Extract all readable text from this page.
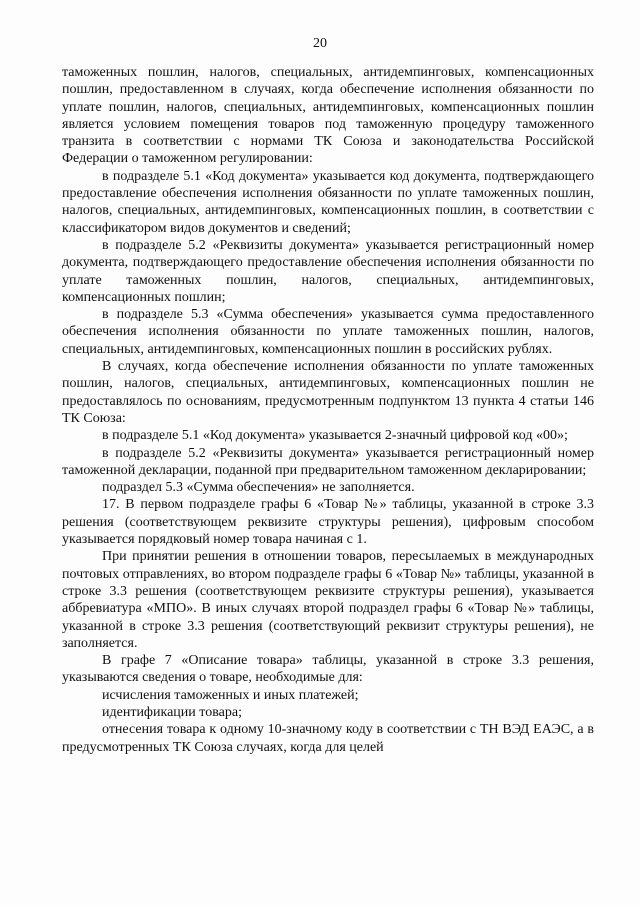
20

таможенных пошлин, налогов, специальных, антидемпинговых, компенсационных пошлин, предоставленном в случаях, когда обеспечение исполнения обязанности по уплате пошлин, налогов, специальных, антидемпинговых, компенсационных пошлин является условием помещения товаров под таможенную процедуру таможенного транзита в соответствии с нормами ТК Союза и законодательства Российской Федерации о таможенном регулировании:

в подразделе 5.1 «Код документа» указывается код документа, подтверждающего предоставление обеспечения исполнения обязанности по уплате таможенных пошлин, налогов, специальных, антидемпинговых, компенсационных пошлин, в соответствии с классификатором видов документов и сведений;

в подразделе 5.2 «Реквизиты документа» указывается регистрационный номер документа, подтверждающего предоставление обеспечения исполнения обязанности по уплате таможенных пошлин, налогов, специальных, антидемпинговых, компенсационных пошлин;

в подразделе 5.3 «Сумма обеспечения» указывается сумма предоставленного обеспечения исполнения обязанности по уплате таможенных пошлин, налогов, специальных, антидемпинговых, компенсационных пошлин в российских рублях.

В случаях, когда обеспечение исполнения обязанности по уплате таможенных пошлин, налогов, специальных, антидемпинговых, компенсационных пошлин не предоставлялось по основаниям, предусмотренным подпунктом 13 пункта 4 статьи 146 ТК Союза:

в подразделе 5.1 «Код документа» указывается 2-значный цифровой код «00»;

в подразделе 5.2 «Реквизиты документа» указывается регистрационный номер таможенной декларации, поданной при предварительном таможенном декларировании;

подраздел 5.3 «Сумма обеспечения» не заполняется.

17. В первом подразделе графы 6 «Товар №» таблицы, указанной в строке 3.3 решения (соответствующем реквизите структуры решения), цифровым способом указывается порядковый номер товара начиная с 1.

При принятии решения в отношении товаров, пересылаемых в международных почтовых отправлениях, во втором подразделе графы 6 «Товар №» таблицы, указанной в строке 3.3 решения (соответствующем реквизите структуры решения), указывается аббревиатура «МПО». В иных случаях второй подраздел графы 6 «Товар №» таблицы, указанной в строке 3.3 решения (соответствующий реквизит структуры решения), не заполняется.

В графе 7 «Описание товара» таблицы, указанной в строке 3.3 решения, указываются сведения о товаре, необходимые для:

исчисления таможенных и иных платежей;

идентификации товара;

отнесения товара к одному 10-значному коду в соответствии с ТН ВЭД ЕАЭС, а в предусмотренных ТК Союза случаях, когда для целей
